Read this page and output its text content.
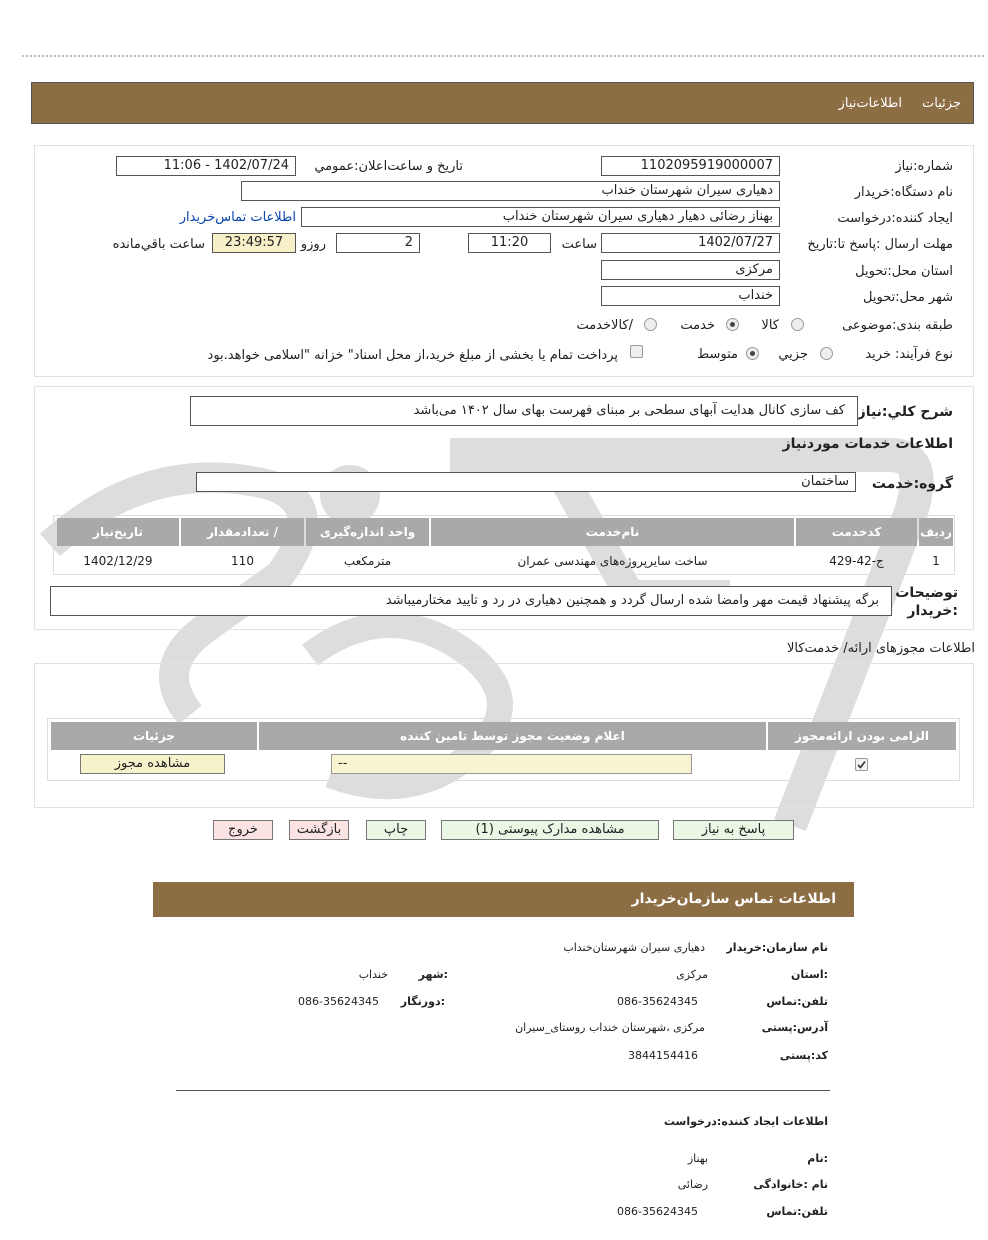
جزئیات
اطلاعات‌نیاز
شماره:نیاز
1102095919000007
تاریخ و ساعت‌اعلان:عمومي
1402/07/24 - 11:06
نام دستگاه:خریدار
دهیاری سیران شهرستان خنداب
ایجاد کننده:درخواست
بهناز رضائی دهیار دهیاری سیران شهرستان خنداب
اطلاعات تماس‌خریدار
مهلت ارسال :پاسخ تا:تاریخ
1402/07/27
ساعت
11:20
2
روزو
23:49:57
ساعت باقي‌مانده
استان محل:تحویل
مرکزی
شهر محل:تحویل
خنداب
طبقه بندی:موضوعی
کالا
خدمت
/کالاخدمت
نوع فرآیند:
خرید
جزيي
متوسط
پرداخت تمام یا بخشی از مبلغ خرید،از محل اسناد" خزانه "اسلامی خواهد.بود
شرح کلي:نیاز
کف سازی کانال هدایت آبهای سطحی بر مبنای فهرست بهای سال ۱۴۰۲ می‌باشد
اطلاعات خدمات موردنیاز
گروه:خدمت
ساختمان
ردیف
کدخدمت
نام‌خدمت
واحد اندازه‌گیری
/ تعدادمقدار
تاریخ‌نیاز
1
ج-42-429
ساخت سایرپروژه‌های مهندسی عمران
مترمکعب
110
1402/12/29
توضیحات
:خریدار
برگه پیشنهاد قیمت مهر وامضا شده ارسال گردد و همچنین دهیاری در رد و تایید مختارمیباشد
اطلاعات مجوزهای ارائه‌/ خدمت‌کالا
الزامی بودن ارائه‌مجوز
اعلام وضعیت مجوز توسط تامین کننده
جزئیات
--
مشاهده مجوز
پاسخ به نیاز
مشاهده مدارک پیوستی (1)
چاپ
بازگشت
خروج
اطلاعات تماس سازمان‌خریدار
نام سازمان:خریدار
دهیاری سیران شهرستان‌خنداب
:استان
مرکزی
:شهر
خنداب
تلفن:تماس
086-35624345
:دورنگار
086-35624345
آدرس:پستی
مرکزی ،شهرستان خنداب روستای_سیران
کد:پستی
3844154416
اطلاعات ایجاد کننده:درخواست
:نام
بهناز
نام :خانوادگی
رضائی
تلفن:تماس
086-35624345
